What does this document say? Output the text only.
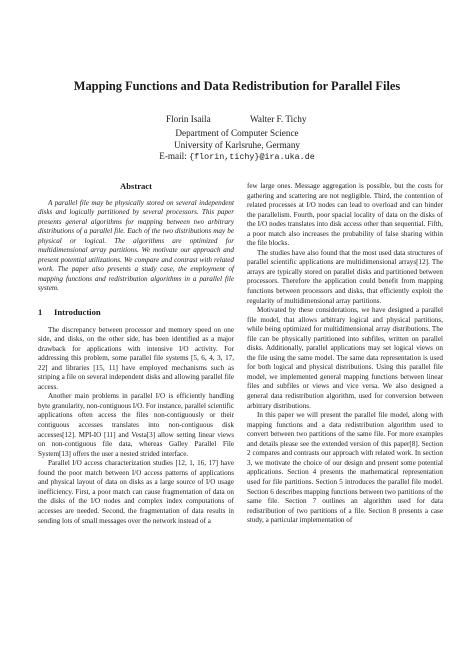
Mapping Functions and Data Redistribution for Parallel Files
Florin Isaila	Walter F. Tichy
Department of Computer Science
University of Karlsruhe, Germany
E-mail: {florin,tichy}@ira.uka.de
Abstract

A parallel file may be physically stored on several independent disks and logically partitioned by several processors. This paper presents general algorithms for mapping between two arbitrary distributions of a parallel file. Each of the two distributions may be physical or logical. The algorithms are optimized for multidimensional array partitions. We motivate our approach and present potential utilizations. We compare and contrast with related work. The paper also presents a study case, the employment of mapping functions and redistribution algorithms in a parallel file system.

1 Introduction

The discrepancy between processor and memory speed on one side, and disks, on the other side, has been identified as a major drawback for applications with intensive I/O activity. For addressing this problem, some parallel file systems [5, 6, 4, 3, 17, 22] and libraries [15, 11] have employed mechanisms such as striping a file on several independent disks and allowing parallel file access.

Another main problems in parallel I/O is efficiently handling byte granularity, non-contiguous I/O. For instance, parallel scientific applications often access the files non-contiguously or their contiguous accesses translates into non-contiguous disk accesses[12]. MPI-IO [11] and Vesta[3] allow setting linear views on non-contiguous file data, whereas Galley Parallel File System[13] offers the user a nested strided interface.

Parallel I/O access characterization studies [12, 1, 16, 17] have found the poor match between I/O access patterns of applications and physical layout of data on disks as a large source of I/O usage inefficiency. First, a poor match can cause fragmentation of data on the disks of the I/O nodes and complex index computations of accesses are needed. Second, the fragmentation of data results in sending lots of small messages over the network instead of a

few large ones. Message aggregation is possible, but the costs for gathering and scattering are not negligible. Third, the contention of related processes at I/O nodes can lead to overload and can hinder the parallelism. Fourth, poor spacial locality of data on the disks of the I/O nodes translates into disk access other than sequential. Fifth, a poor match also increases the probability of false sharing within the file blocks.

The studies have also found that the most used data structures of parallel scientific applications are multidimensional arrays[12]. The arrays are typically stored on parallel disks and partitioned between processors. Therefore the application could benefit from mapping functions between processors and disks, that efficiently exploit the regularity of multidimensional array partitions.

Motivated by these considerations, we have designed a parallel file model, that allows arbitrary logical and physical partitions, while being optimized for multidimensional array distributions. The file can be physically partitioned into subfiles, written on parallel disks. Additionally, parallel applications may set logical views on the file using the same model. The same data representation is used for both logical and physical distributions. Using this parallel file model, we implemented general mapping functions between linear files and subfiles or views and vice versa. We also designed a general data redistribution algorithm, used for conversion between arbitrary distributions.

In this paper we will present the parallel file model, along with mapping functions and a data redistribution algorithm used to convert between two partitions of the same file. For more examples and details please see the extended version of this paper[8]. Section 2 compares and contrasts our approach with related work. In section 3, we motivate the choice of our design and present some potential applications. Section 4 presents the mathematical representation used for file partitions. Section 5 introduces the parallel file model. Section 6 describes mapping functions between two partitions of the same file. Section 7 outlines an algorithm used for data redistribution of two partitions of a file. Section 8 presents a case study, a particular implementation of
